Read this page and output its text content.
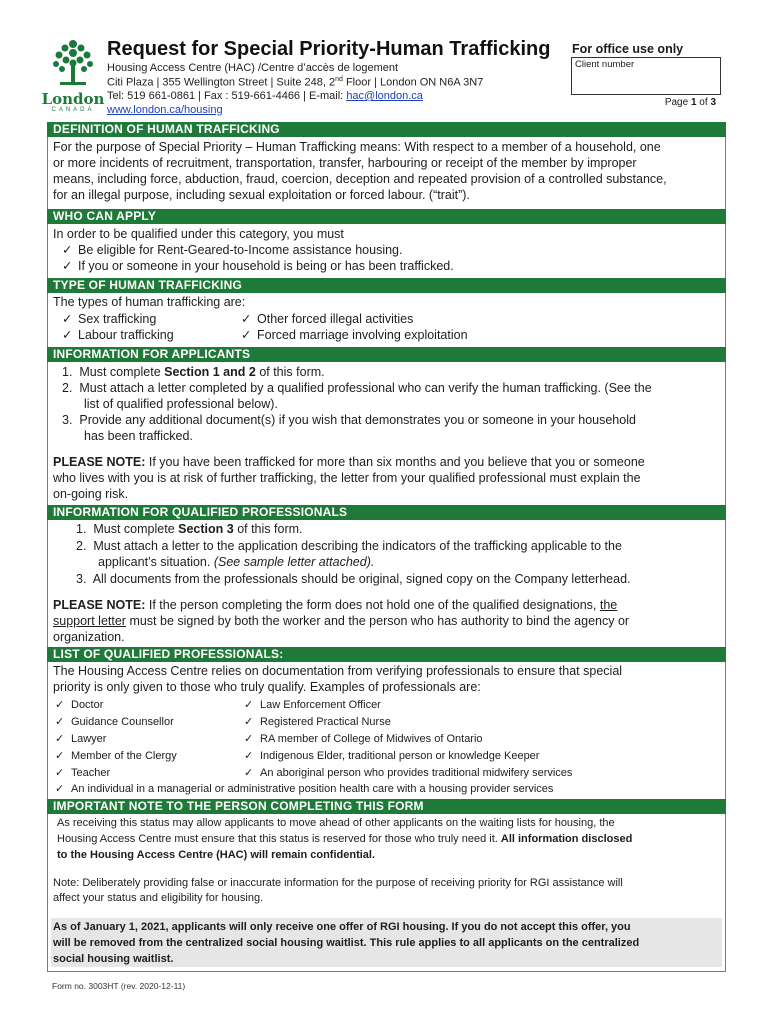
London
CANADA
Request for Special Priority-Human Trafficking
Housing Access Centre (HAC) /Centre d’accès de logement
Citi Plaza | 355 Wellington Street | Suite 248, 2nd Floor | London ON N6A 3N7
Tel: 519 661-0861 | Fax : 519-661-4466 | E-mail: hac@london.ca
www.london.ca/housing
For office use only
Client number
Page 1 of 3
DEFINITION OF HUMAN TRAFFICKING
For the purpose of Special Priority – Human Trafficking means: With respect to a member of a household, one
or more incidents of recruitment, transportation, transfer, harbouring or receipt of the member by improper
means, including force, abduction, fraud, coercion, deception and repeated provision of a controlled substance,
for an illegal purpose, including sexual exploitation or forced labour. (“trait”).
WHO CAN APPLY
In order to be qualified under this category, you must
✓ Be eligible for Rent-Geared-to-Income assistance housing.
✓ If you or someone in your household is being or has been trafficked.
TYPE OF HUMAN TRAFFICKING
The types of human trafficking are:
✓ Sex trafficking
✓ Labour trafficking
✓ Other forced illegal activities
✓ Forced marriage involving exploitation
INFORMATION FOR APPLICANTS
1.  Must complete Section 1 and 2 of this form.
2.  Must attach a letter completed by a qualified professional who can verify the human trafficking. (See the
list of qualified professional below).
3.  Provide any additional document(s) if you wish that demonstrates you or someone in your household
has been trafficked.
PLEASE NOTE: If you have been trafficked for more than six months and you believe that you or someone
who lives with you is at risk of further trafficking, the letter from your qualified professional must explain the
on-going risk.
INFORMATION FOR QUALIFIED PROFESSIONALS
1.  Must complete Section 3 of this form.
2.  Must attach a letter to the application describing the indicators of the trafficking applicable to the
applicant’s situation. (See sample letter attached).
3.  All documents from the professionals should be original, signed copy on the Company letterhead.
PLEASE NOTE: If the person completing the form does not hold one of the qualified designations, the
support letter must be signed by both the worker and the person who has authority to bind the agency or
organization.
LIST OF QUALIFIED PROFESSIONALS:
The Housing Access Centre relies on documentation from verifying professionals to ensure that special
priority is only given to those who truly qualify. Examples of professionals are:
✓ Doctor
✓ Guidance Counsellor
✓ Lawyer
✓ Member of the Clergy
✓ Teacher
✓ Law Enforcement Officer
✓ Registered Practical Nurse
✓ RA member of College of Midwives of Ontario
✓ Indigenous Elder, traditional person or knowledge Keeper
✓ An aboriginal person who provides traditional midwifery services
✓ An individual in a managerial or administrative position health care with a housing provider services
IMPORTANT NOTE TO THE PERSON COMPLETING THIS FORM
As receiving this status may allow applicants to move ahead of other applicants on the waiting lists for housing, the
Housing Access Centre must ensure that this status is reserved for those who truly need it. All information disclosed
to the Housing Access Centre (HAC) will remain confidential.
Note: Deliberately providing false or inaccurate information for the purpose of receiving priority for RGI assistance will
affect your status and eligibility for housing.
As of January 1, 2021, applicants will only receive one offer of RGI housing. If you do not accept this offer, you
will be removed from the centralized social housing waitlist. This rule applies to all applicants on the centralized
social housing waitlist.
Form no. 3003HT (rev. 2020-12-11)
